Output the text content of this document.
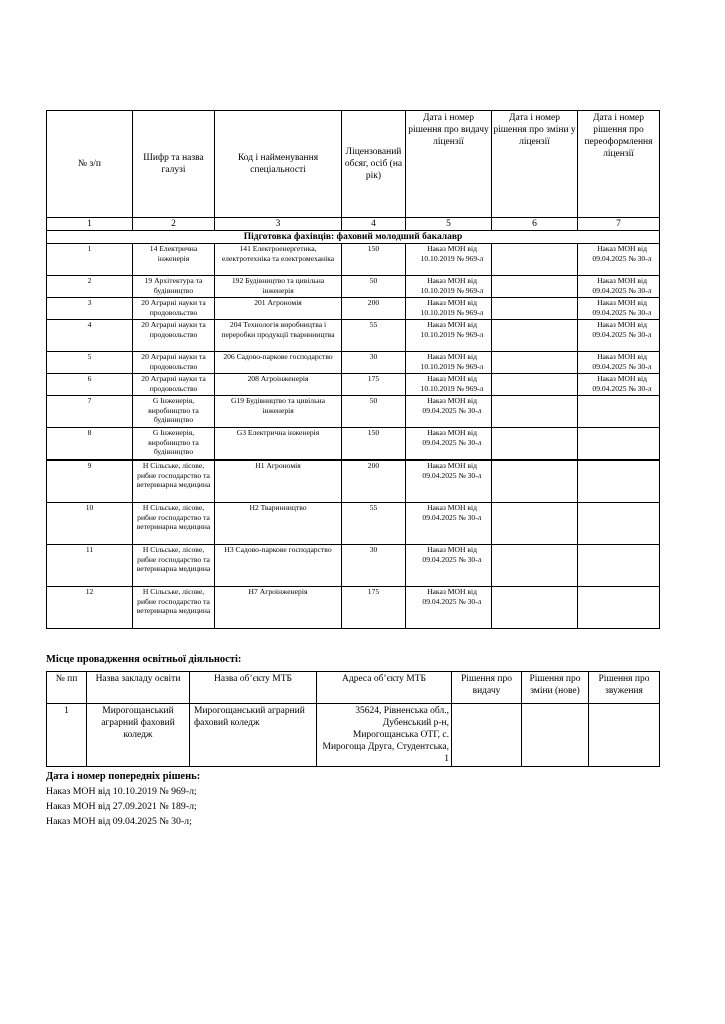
№ з/п	Шифр та назва галузі	Код і найменування спеціальності	Ліцензований обсяг, осіб (на рік)	Дата і номер рішення про видачу ліцензії	Дата і номер рішення про зміни у ліцензії	Дата і номер рішення про переоформлення ліцензії
1	2	3	4	5	6	7
Підготовка фахівців: фаховий молодший бакалавр						
1	14 Електрична інженерія	141 Електроенергетика, електротехніка та електромеханіка	150	Наказ МОН від 10.10.2019 № 969-л		Наказ МОН від 09.04.2025 № 30-л
2	19 Архітектура та будівництво	192 Будівництво та цивільна інженерія	50	Наказ МОН від 10.10.2019 № 969-л		Наказ МОН від 09.04.2025 № 30-л
3	20 Аграрні науки та продовольство	201 Агрономія	200	Наказ МОН від 10.10.2019 № 969-л		Наказ МОН від 09.04.2025 № 30-л
4	20 Аграрні науки та продовольство	204 Технологія виробництва і переробки продукції тваринництва	55	Наказ МОН від 10.10.2019 № 969-л		Наказ МОН від 09.04.2025 № 30-л
5	20 Аграрні науки та продовольство	206 Садово-паркове господарство	30	Наказ МОН від 10.10.2019 № 969-л		Наказ МОН від 09.04.2025 № 30-л
6	20 Аграрні науки та продовольство	208 Агроінженерія	175	Наказ МОН від 10.10.2019 № 969-л		Наказ МОН від 09.04.2025 № 30-л
7	G Інженерія, виробництво та будівництво	G19 Будівництво та цивільна інженерія	50	Наказ МОН від 09.04.2025 № 30-л		
8	G Інженерія, виробництво та будівництво	G3 Електрична інженерія	150	Наказ МОН від 09.04.2025 № 30-л		
9	H Сільське, лісове, рибне господарство та ветеринарна медицина	H1 Агрономія	200	Наказ МОН від 09.04.2025 № 30-л		
10	H Сільське, лісове, рибне господарство та ветеринарна медицина	H2 Тваринництво	55	Наказ МОН від 09.04.2025 № 30-л		
11	H Сільське, лісове, рибне господарство та ветеринарна медицина	H3 Садово-паркове господарство	30	Наказ МОН від 09.04.2025 № 30-л		
12	H Сільське, лісове, рибне господарство та ветеринарна медицина	H7 Агроінженерія	175	Наказ МОН від 09.04.2025 № 30-л		
Місце провадження освітньої діяльності:
№ пп	Назва закладу освіти	Назва об’єкту МТБ	Адреса об’єкту МТБ	Рішення про видачу	Рішення про зміни (нове)	Рішення про звужения
1	Мирогощанський аграрний фаховий коледж	Мирогощанський аграрний фаховий коледж	35624, Рівненська обл., Дубенський р-н, Мирогощанська ОТГ, с. Мирогоща Друга, Студентська, 1			
Дата і номер попередніх рішень:
Наказ МОН від 10.10.2019 № 969-л;
Наказ МОН від 27.09.2021 № 189-л;
Наказ МОН від 09.04.2025 № 30-л;
